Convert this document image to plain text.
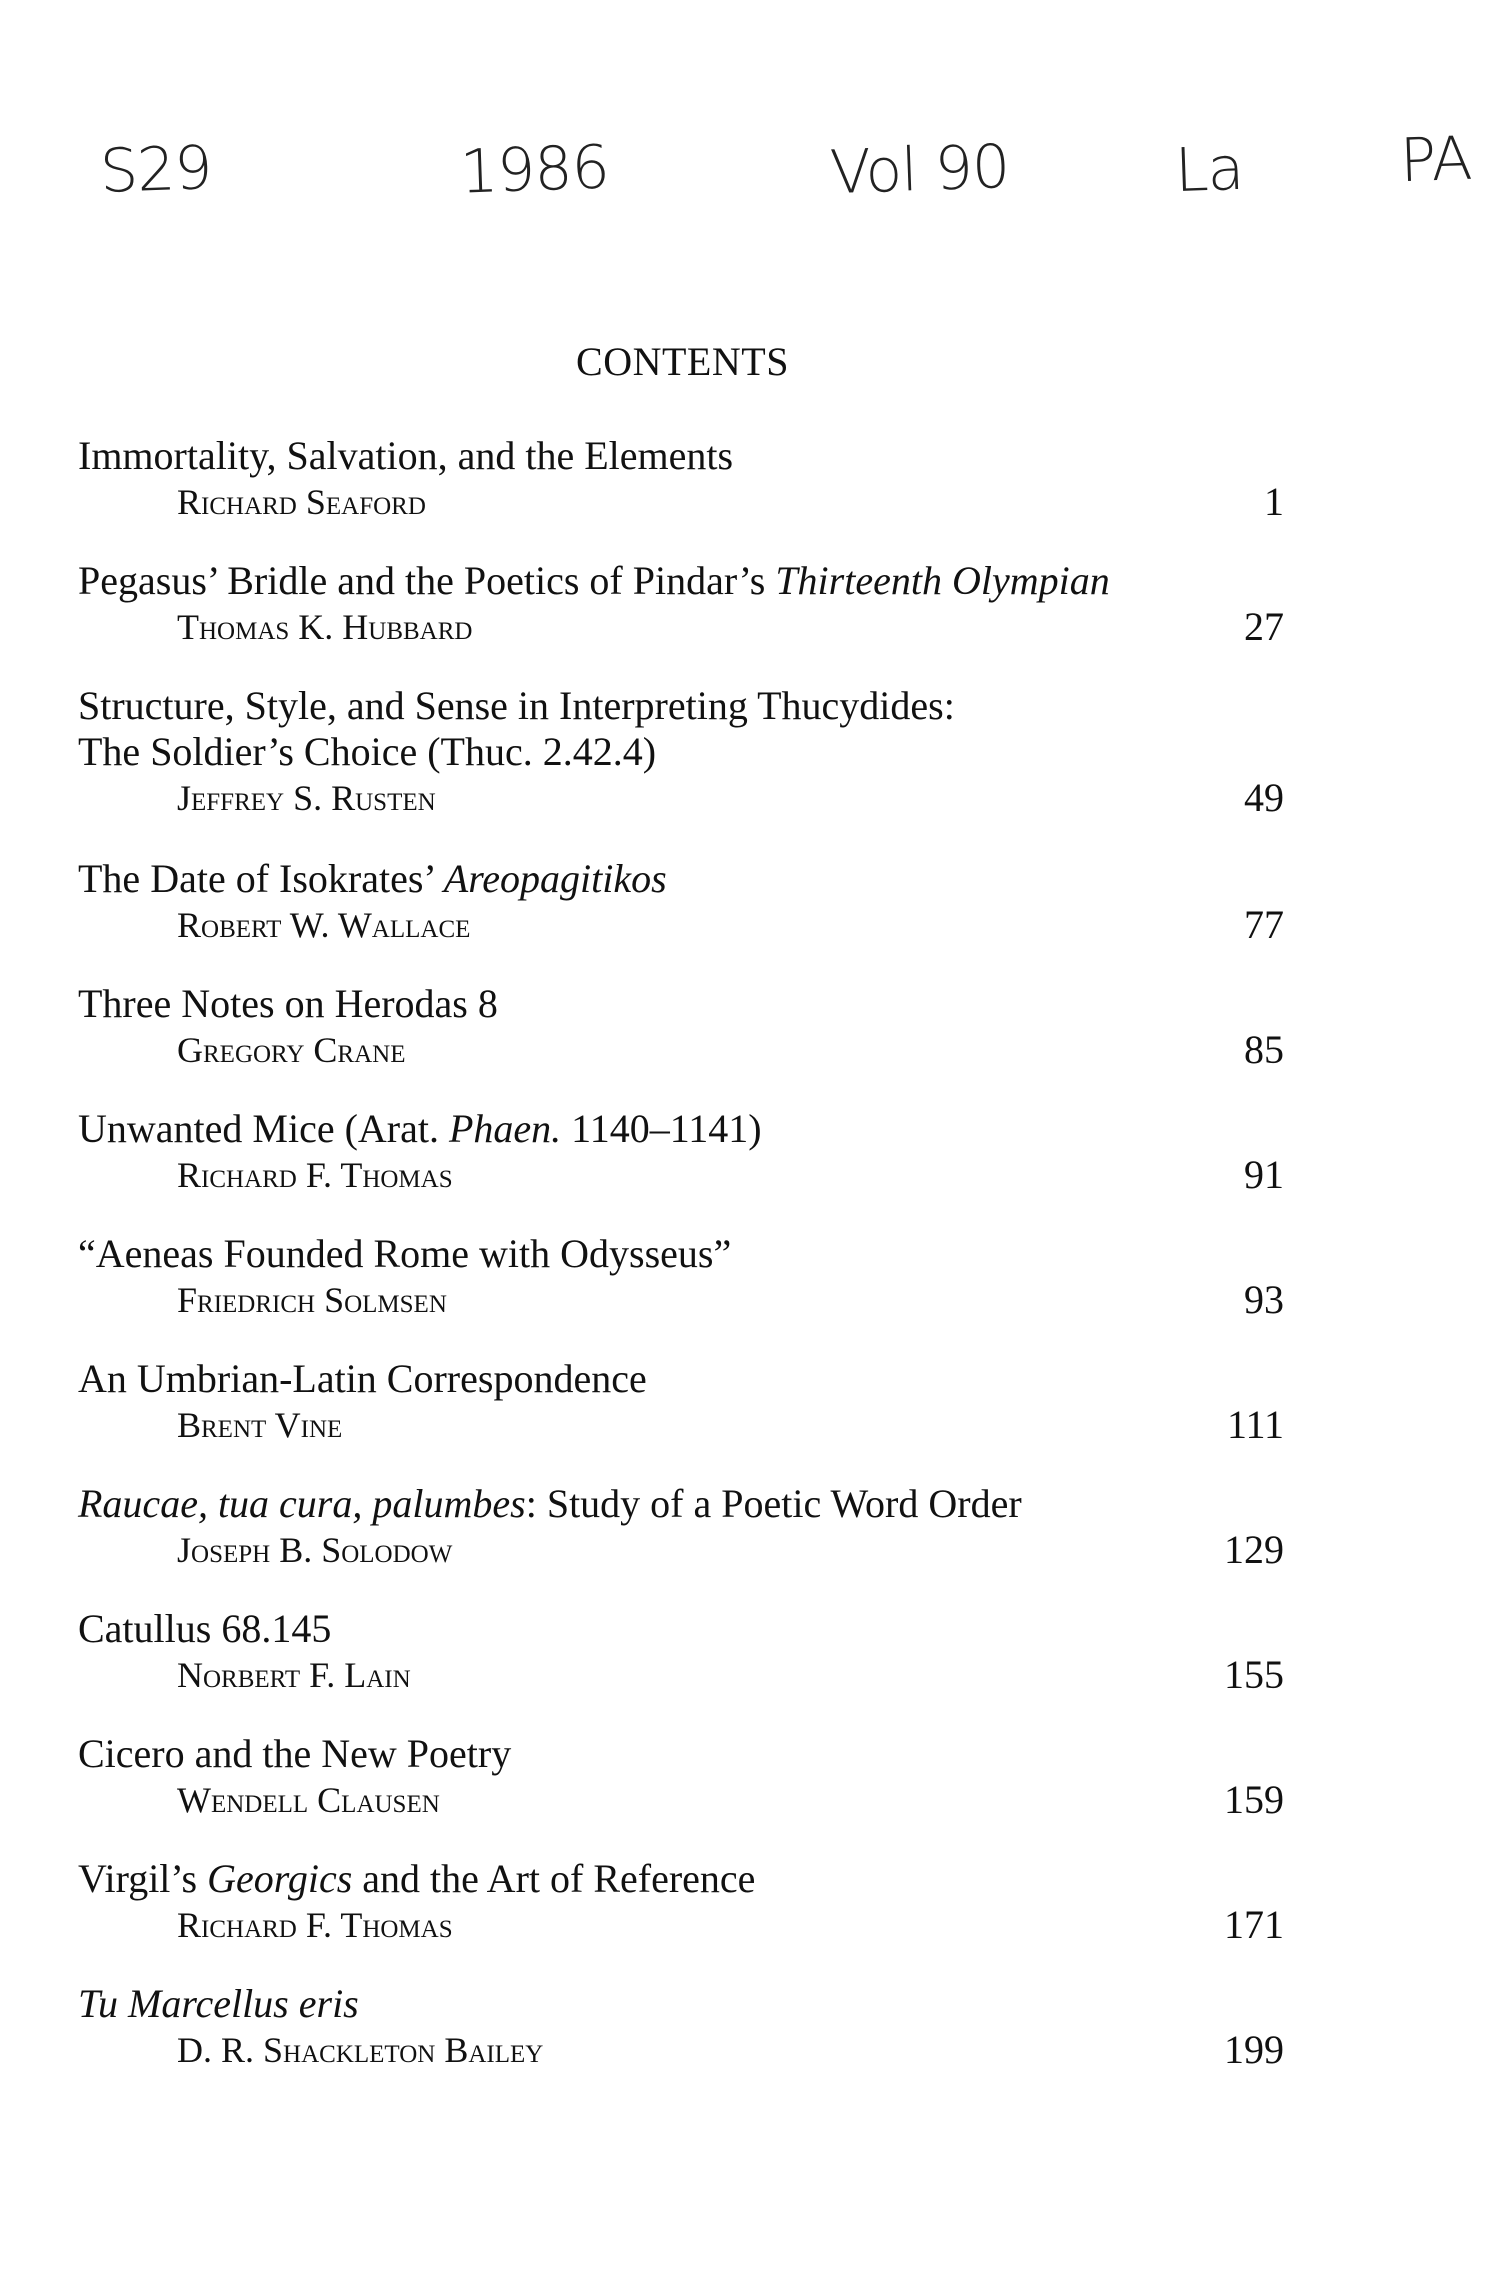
S29	1986	Vol 90	La	PA
CONTENTS
Immortality, Salvation, and the Elements
Richard Seaford	1
Pegasus’ Bridle and the Poetics of Pindar’s Thirteenth Olympian
Thomas K. Hubbard	27
Structure, Style, and Sense in Interpreting Thucydides:
The Soldier’s Choice (Thuc. 2.42.4)
Jeffrey S. Rusten	49
The Date of Isokrates’ Areopagitikos
Robert W. Wallace	77
Three Notes on Herodas 8
Gregory Crane	85
Unwanted Mice (Arat. Phaen. 1140–1141)
Richard F. Thomas	91
“Aeneas Founded Rome with Odysseus”
Friedrich Solmsen	93
An Umbrian-Latin Correspondence
Brent Vine	111
Raucae, tua cura, palumbes: Study of a Poetic Word Order
Joseph B. Solodow	129
Catullus 68.145
Norbert F. Lain	155
Cicero and the New Poetry
Wendell Clausen	159
Virgil’s Georgics and the Art of Reference
Richard F. Thomas	171
Tu Marcellus eris
D. R. Shackleton Bailey	199
